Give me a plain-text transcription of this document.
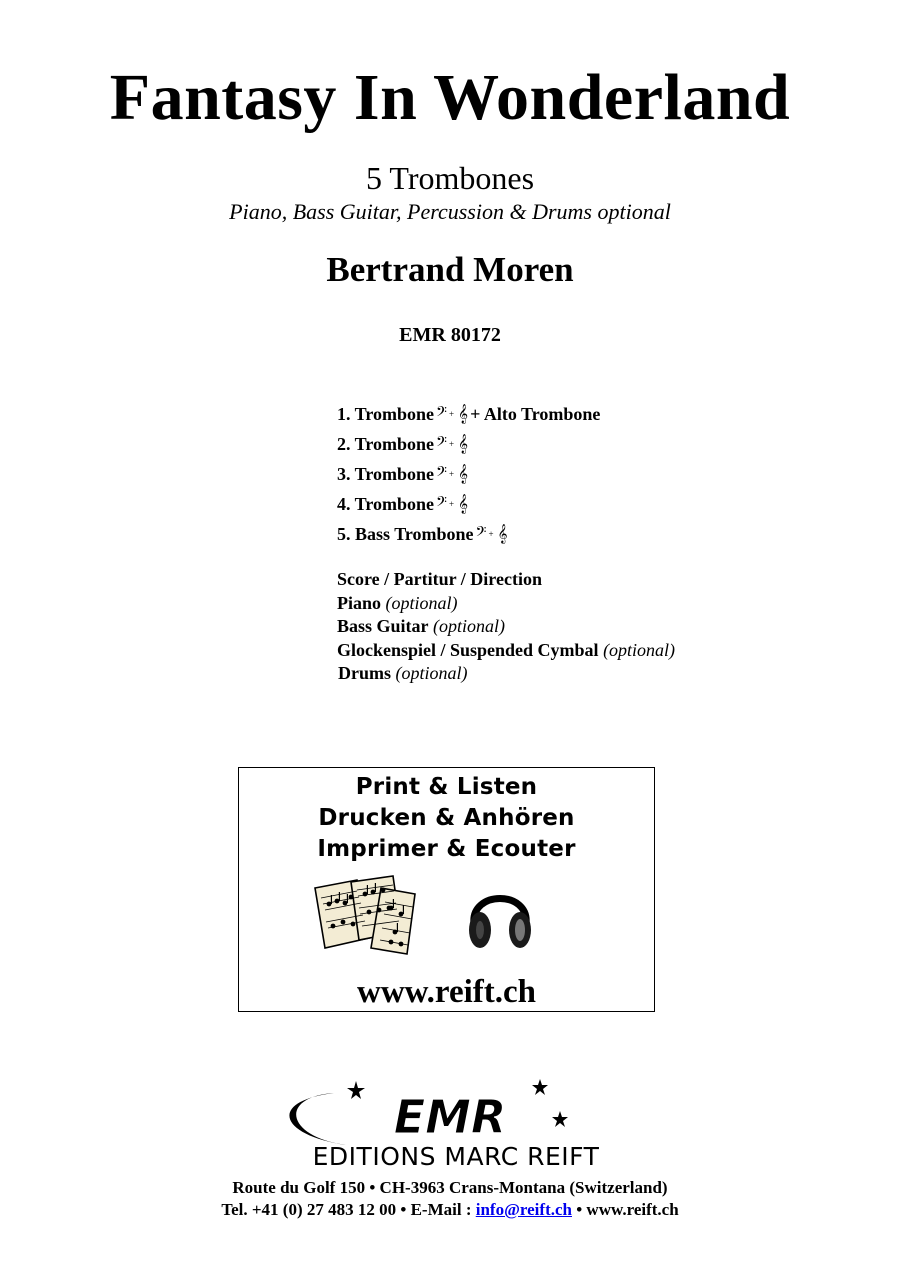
Fantasy In Wonderland
5 Trombones
Piano, Bass Guitar, Percussion & Drums optional
Bertrand Moren
EMR 80172
1. Trombone 𝄢 + 𝄞 + Alto Trombone
2. Trombone 𝄢 + 𝄞
3. Trombone 𝄢 + 𝄞
4. Trombone 𝄢 + 𝄞
5. Bass Trombone 𝄢 + 𝄞
Score / Partitur / Direction
Piano (optional)
Bass Guitar (optional)
Glockenspiel / Suspended Cymbal (optional)
Drums (optional)
Print & Listen
Drucken & Anhören
Imprimer & Ecouter
www.reift.ch
EMR
EDITIONS MARC REIFT
Route du Golf 150 • CH-3963 Crans-Montana (Switzerland)
Tel. +41 (0) 27 483 12 00 • E-Mail : info@reift.ch • www.reift.ch
